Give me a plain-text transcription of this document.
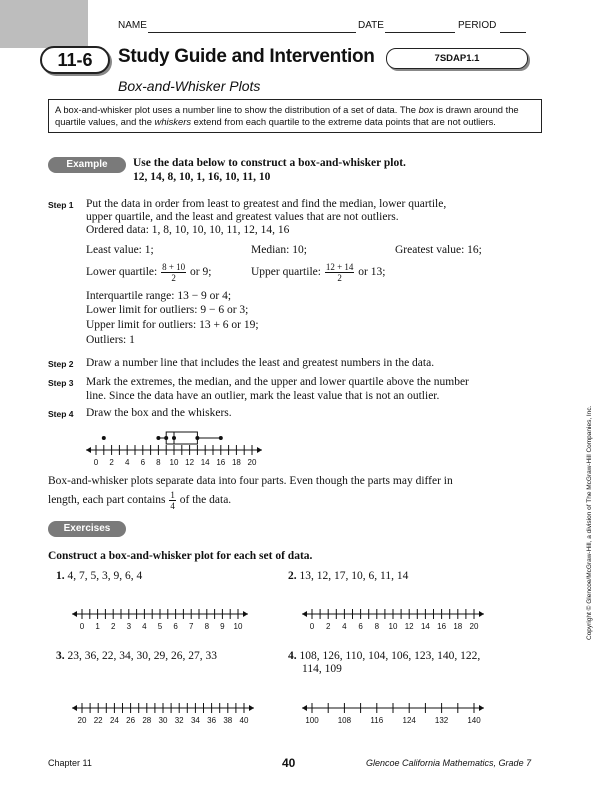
NAME	DATE	PERIOD
11-6	Study Guide and Intervention	7SDAP1.1
Box-and-Whisker Plots
A box-and-whisker plot uses a number line to show the distribution of a set of data. The box is drawn around the quartile values, and the whiskers extend from each quartile to the extreme data points that are not outliers.
Example	Use the data below to construct a box-and-whisker plot.
12, 14, 8, 10, 1, 16, 10, 11, 10
Step 1 Put the data in order from least to greatest and find the median, lower quartile,
upper quartile, and the least and greatest values that are not outliers.
Ordered data: 1, 8, 10, 10, 10, 11, 12, 14, 16
Least value: 1;	Median: 10;	Greatest value: 16;
Lower quartile: $\frac{8 + 10}{2}$ or 9;	Upper quartile: $\frac{12 + 14}{2}$ or 13;
Interquartile range: 13 − 9 or 4;
Lower limit for outliers: 9 − 6 or 3;
Upper limit for outliers: 13 + 6 or 19;
Outliers: 1
Step 2 Draw a number line that includes the least and greatest numbers in the data.
Step 3 Mark the extremes, the median, and the upper and lower quartile above the number
line. Since the data have an outlier, mark the least value that is not an outlier.
Step 4 Draw the box and the whiskers.
0 2 4 6 8 10 12 14 16 18 20
Box-and-whisker plots separate data into four parts. Even though the parts may differ in
length, each part contains $\frac{1}{4}$ of the data.
Exercises
Construct a box-and-whisker plot for each set of data.
1. 4, 7, 5, 3, 9, 6, 4
0 1 2 3 4 5 6 7 8 9 10
2. 13, 12, 17, 10, 6, 11, 14
0 2 4 6 8 10 12 14 16 18 20
3. 23, 36, 22, 34, 30, 29, 26, 27, 33
20 22 24 26 28 30 32 34 36 38 40
4. 108, 126, 110, 104, 106, 123, 140, 122,
114, 109
100 108 116 124 132 140
Copyright © Glencoe/McGraw-Hill, a division of The McGraw-Hill Companies, Inc.
Chapter 11	40	Glencoe California Mathematics, Grade 7
